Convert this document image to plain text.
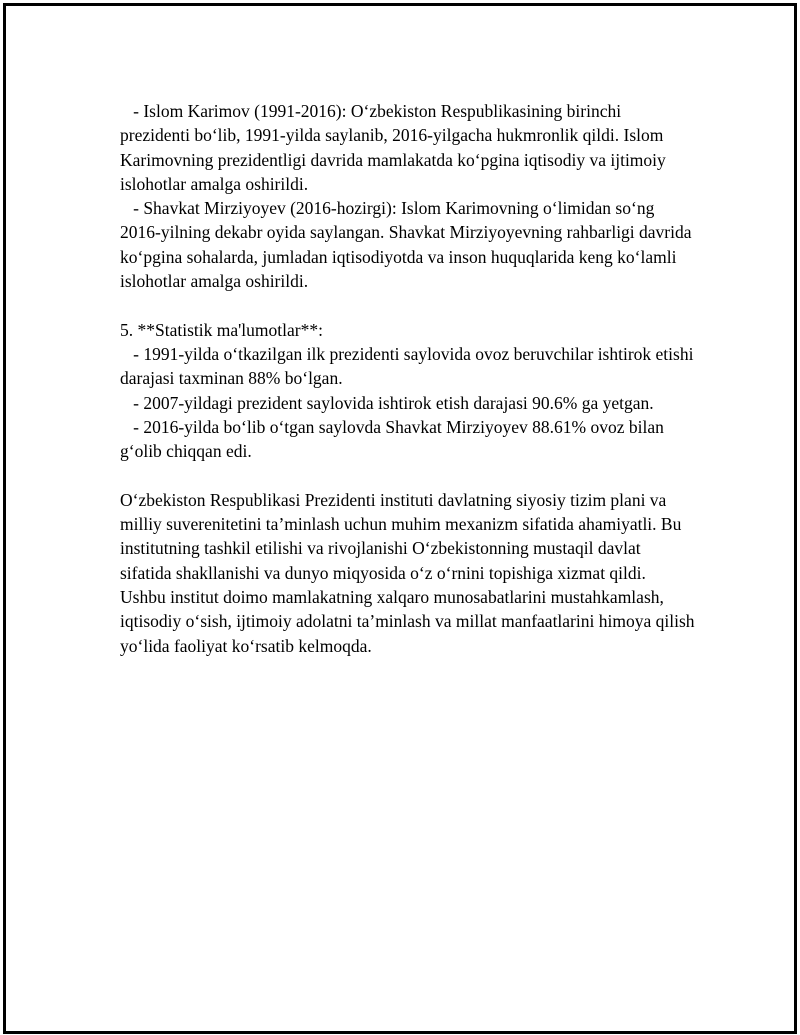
- Islom Karimov (1991-2016): O‘zbekiston Respublikasining birinchi prezidenti bo‘lib, 1991-yilda saylanib, 2016-yilgacha hukmronlik qildi. Islom Karimovning prezidentligi davrida mamlakatda ko‘pgina iqtisodiy va ijtimoiy islohotlar amalga oshirildi.

- Shavkat Mirziyoyev (2016-hozirgi): Islom Karimovning o‘limidan so‘ng 2016-yilning dekabr oyida saylangan. Shavkat Mirziyoyevning rahbarligi davrida ko‘pgina sohalarda, jumladan iqtisodiyotda va inson huquqlarida keng ko‘lamli islohotlar amalga oshirildi.

5. **Statistik ma'lumotlar**:

- 1991-yilda o‘tkazilgan ilk prezidenti saylovida ovoz beruvchilar ishtirok etishi darajasi taxminan 88% bo‘lgan.

- 2007-yildagi prezident saylovida ishtirok etish darajasi 90.6% ga yetgan.

- 2016-yilda bo‘lib o‘tgan saylovda Shavkat Mirziyoyev 88.61% ovoz bilan g‘olib chiqqan edi.

O‘zbekiston Respublikasi Prezidenti instituti davlatning siyosiy tizim plani va milliy suverenitetini ta’minlash uchun muhim mexanizm sifatida ahamiyatli. Bu institutning tashkil etilishi va rivojlanishi O‘zbekistonning mustaqil davlat sifatida shakllanishi va dunyo miqyosida o‘z o‘rnini topishiga xizmat qildi. Ushbu institut doimo mamlakatning xalqaro munosabatlarini mustahkamlash, iqtisodiy o‘sish, ijtimoiy adolatni ta’minlash va millat manfaatlarini himoya qilish yo‘lida faoliyat ko‘rsatib kelmoqda.
